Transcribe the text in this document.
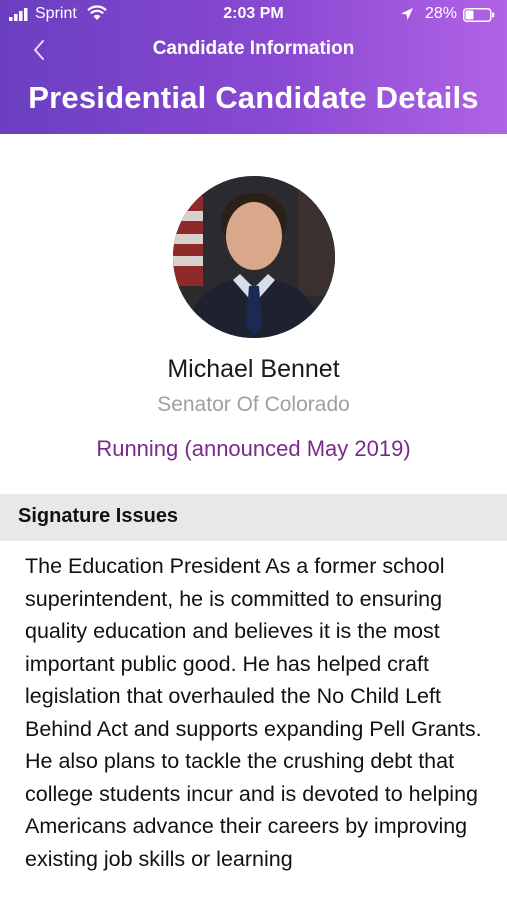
Sprint	2:03 PM	28%
Candidate Information
Presidential Candidate Details
Michael Bennet
Senator Of Colorado
Running (announced May 2019)
Signature Issues
The Education President As a former school superintendent, he is committed to ensuring quality education and believes it is the most important public good. He has helped craft legislation that overhauled the No Child Left Behind Act and supports expanding Pell Grants. He also plans to tackle the crushing debt that college students incur and is devoted to helping Americans advance their careers by improving existing job skills or learning
